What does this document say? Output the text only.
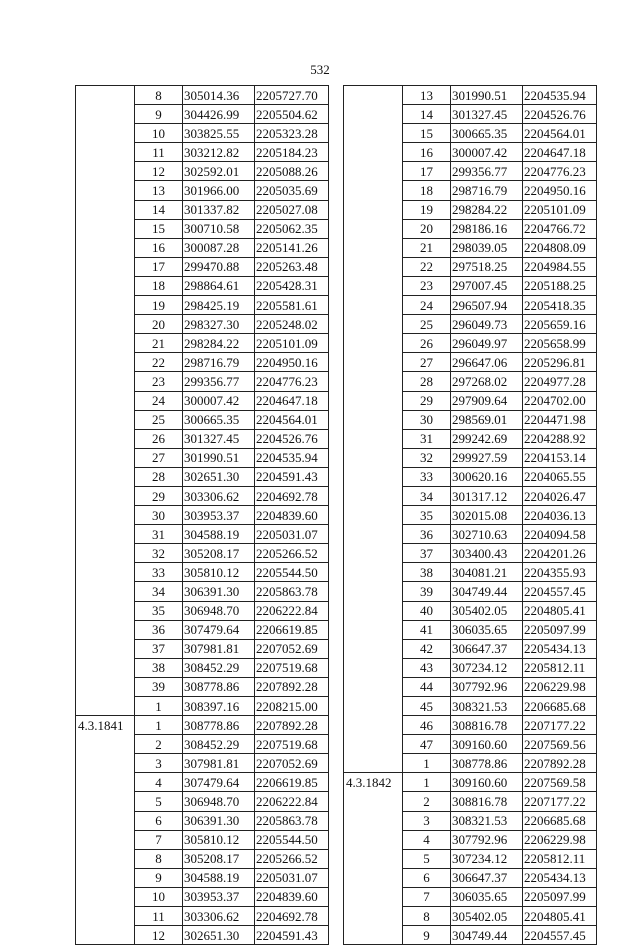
532
	8	305014.36	2205727.70
	9	304426.99	2205504.62
	10	303825.55	2205323.28
	11	303212.82	2205184.23
	12	302592.01	2205088.26
	13	301966.00	2205035.69
	14	301337.82	2205027.08
	15	300710.58	2205062.35
	16	300087.28	2205141.26
	17	299470.88	2205263.48
	18	298864.61	2205428.31
	19	298425.19	2205581.61
	20	298327.30	2205248.02
	21	298284.22	2205101.09
	22	298716.79	2204950.16
	23	299356.77	2204776.23
	24	300007.42	2204647.18
	25	300665.35	2204564.01
	26	301327.45	2204526.76
	27	301990.51	2204535.94
	28	302651.30	2204591.43
	29	303306.62	2204692.78
	30	303953.37	2204839.60
	31	304588.19	2205031.07
	32	305208.17	2205266.52
	33	305810.12	2205544.50
	34	306391.30	2205863.78
	35	306948.70	2206222.84
	36	307479.64	2206619.85
	37	307981.81	2207052.69
	38	308452.29	2207519.68
	39	308778.86	2207892.28
	1	308397.16	2208215.00
4.3.1841	1	308778.86	2207892.28
	2	308452.29	2207519.68
	3	307981.81	2207052.69
	4	307479.64	2206619.85
	5	306948.70	2206222.84
	6	306391.30	2205863.78
	7	305810.12	2205544.50
	8	305208.17	2205266.52
	9	304588.19	2205031.07
	10	303953.37	2204839.60
	11	303306.62	2204692.78
	12	302651.30	2204591.43
	13	301990.51	2204535.94
	14	301327.45	2204526.76
	15	300665.35	2204564.01
	16	300007.42	2204647.18
	17	299356.77	2204776.23
	18	298716.79	2204950.16
	19	298284.22	2205101.09
	20	298186.16	2204766.72
	21	298039.05	2204808.09
	22	297518.25	2204984.55
	23	297007.45	2205188.25
	24	296507.94	2205418.35
	25	296049.73	2205659.16
	26	296049.97	2205658.99
	27	296647.06	2205296.81
	28	297268.02	2204977.28
	29	297909.64	2204702.00
	30	298569.01	2204471.98
	31	299242.69	2204288.92
	32	299927.59	2204153.14
	33	300620.16	2204065.55
	34	301317.12	2204026.47
	35	302015.08	2204036.13
	36	302710.63	2204094.58
	37	303400.43	2204201.26
	38	304081.21	2204355.93
	39	304749.44	2204557.45
	40	305402.05	2204805.41
	41	306035.65	2205097.99
	42	306647.37	2205434.13
	43	307234.12	2205812.11
	44	307792.96	2206229.98
	45	308321.53	2206685.68
	46	308816.78	2207177.22
	47	309160.60	2207569.56
	1	308778.86	2207892.28
4.3.1842	1	309160.60	2207569.58
	2	308816.78	2207177.22
	3	308321.53	2206685.68
	4	307792.96	2206229.98
	5	307234.12	2205812.11
	6	306647.37	2205434.13
	7	306035.65	2205097.99
	8	305402.05	2204805.41
	9	304749.44	2204557.45
